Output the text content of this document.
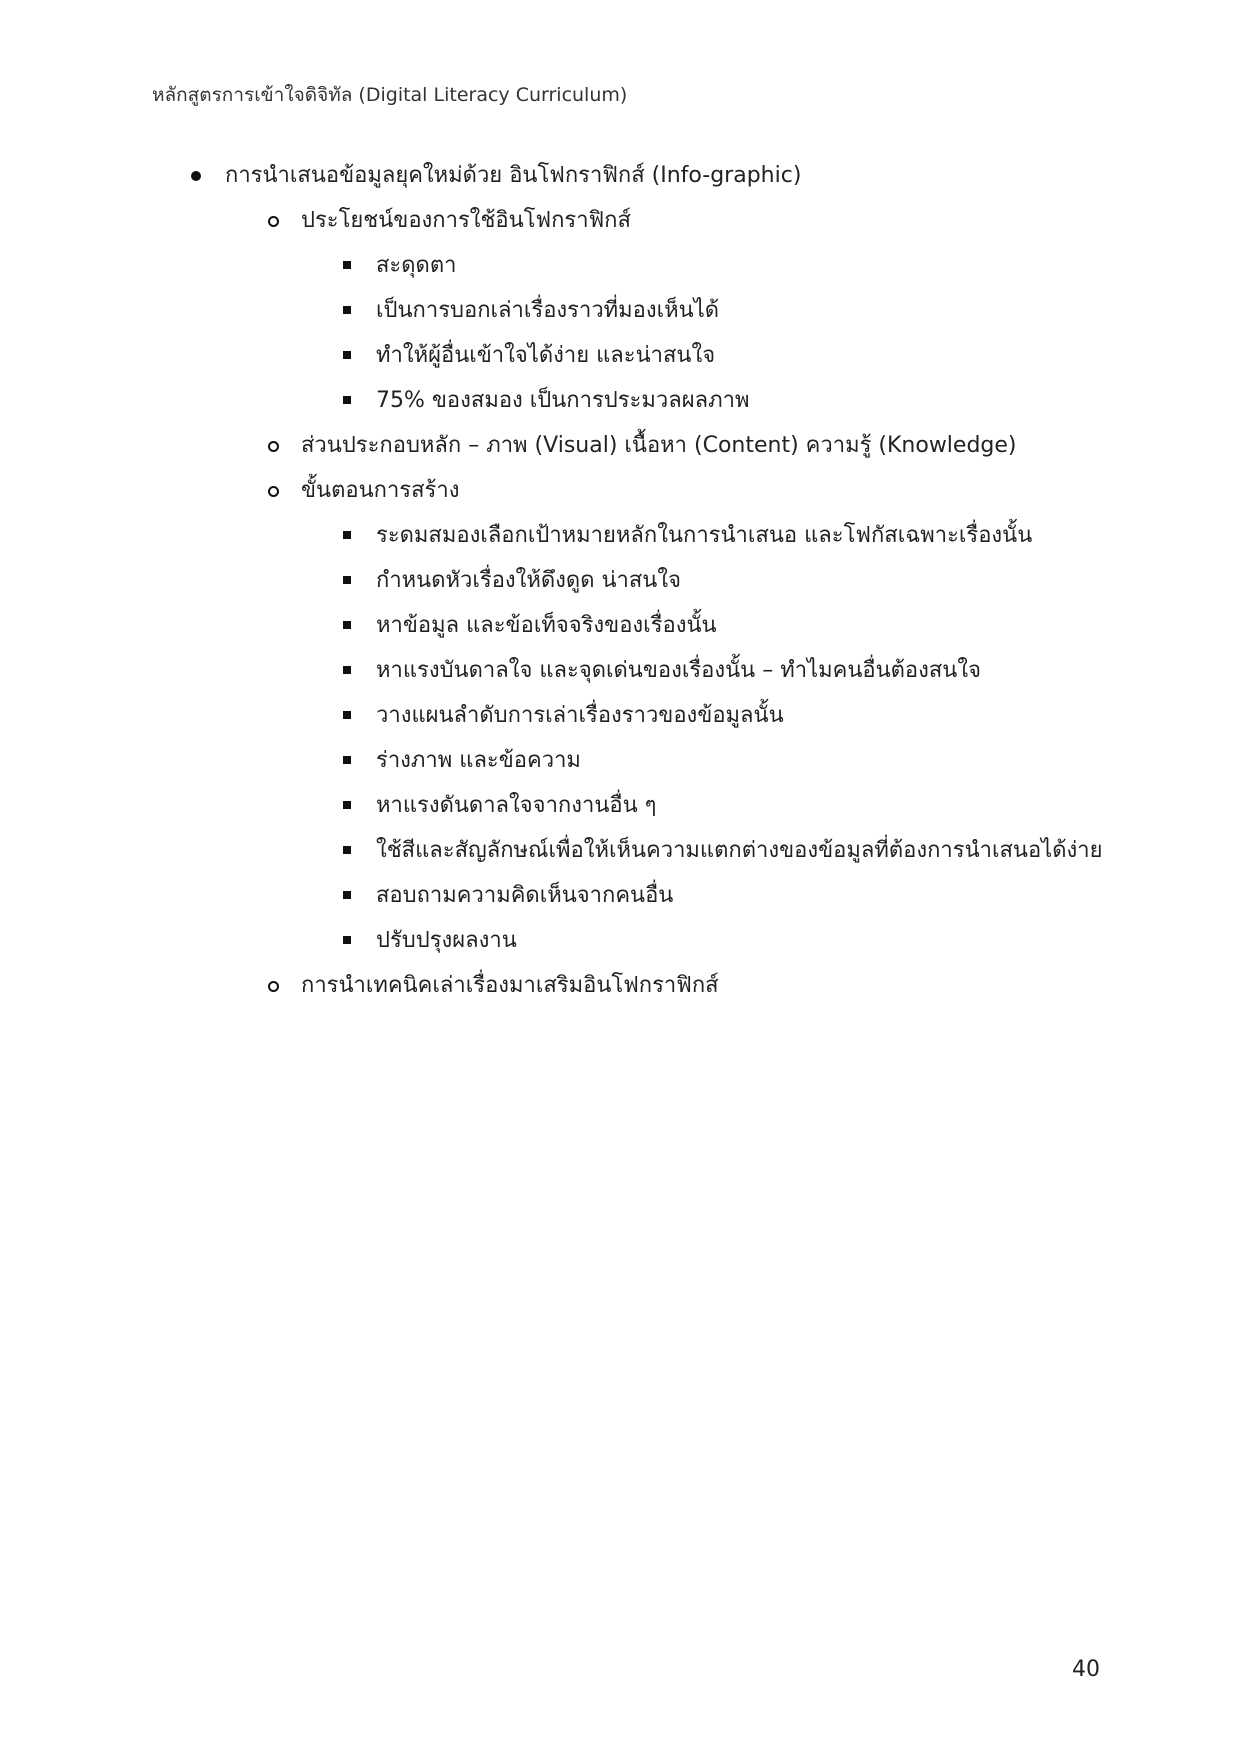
หลักสูตรการเข้าใจดิจิทัล (Digital Literacy Curriculum)
การนำเสนอข้อมูลยุคใหม่ด้วย อินโฟกราฟิกส์ (Info-graphic)
ประโยชน์ของการใช้อินโฟกราฟิกส์
สะดุดตา
เป็นการบอกเล่าเรื่องราวที่มองเห็นได้
ทำให้ผู้อื่นเข้าใจได้ง่าย และน่าสนใจ
75% ของสมอง เป็นการประมวลผลภาพ
ส่วนประกอบหลัก – ภาพ (Visual) เนื้อหา (Content) ความรู้ (Knowledge)
ขั้นตอนการสร้าง
ระดมสมองเลือกเป้าหมายหลักในการนำเสนอ และโฟกัสเฉพาะเรื่องนั้น
กำหนดหัวเรื่องให้ดึงดูด น่าสนใจ
หาข้อมูล และข้อเท็จจริงของเรื่องนั้น
หาแรงบันดาลใจ และจุดเด่นของเรื่องนั้น – ทำไมคนอื่นต้องสนใจ
วางแผนลำดับการเล่าเรื่องราวของข้อมูลนั้น
ร่างภาพ และข้อความ
หาแรงดันดาลใจจากงานอื่น ๆ
ใช้สีและสัญลักษณ์เพื่อให้เห็นความแตกต่างของข้อมูลที่ต้องการนำเสนอได้ง่าย
สอบถามความคิดเห็นจากคนอื่น
ปรับปรุงผลงาน
การนำเทคนิคเล่าเรื่องมาเสริมอินโฟกราฟิกส์
40
